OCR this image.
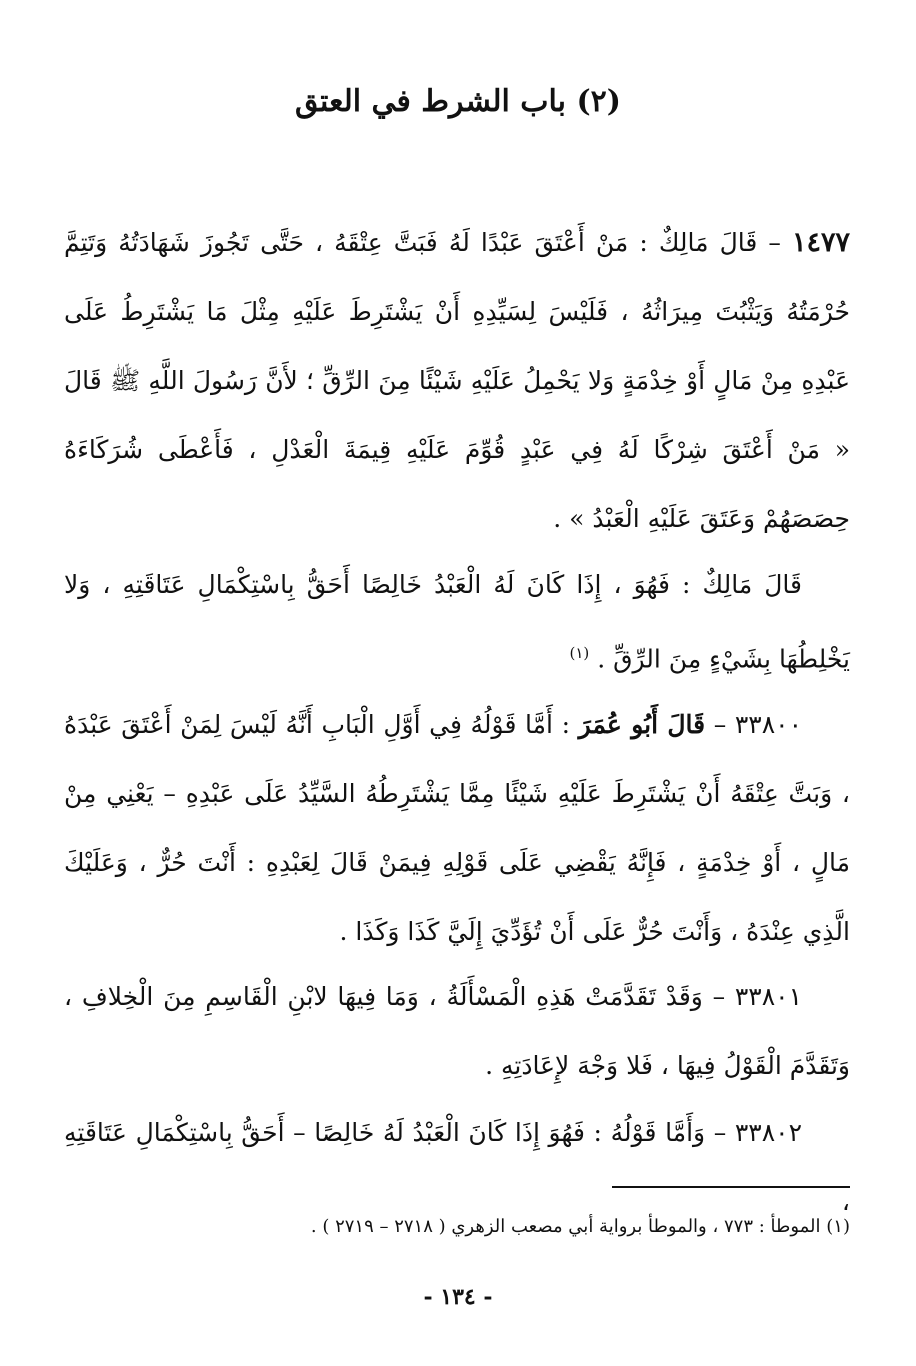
(٢) باب الشرط في العتق
١٤٧٧ – قَالَ مَالِكٌ : مَنْ أَعْتَقَ عَبْدًا لَهُ فَبَتَّ عِتْقَهُ ، حَتَّى تَجُوزَ شَهَادَتُهُ وَتَتِمَّ حُرْمَتُهُ وَيَثْبُتَ مِيرَاثُهُ ، فَلَيْسَ لِسَيِّدِهِ أَنْ يَشْتَرِطَ عَلَيْهِ مِثْلَ مَا يَشْتَرِطُ عَلَى عَبْدِهِ مِنْ مَالٍ أَوْ خِدْمَةٍ وَلا يَحْمِلُ عَلَيْهِ شَيْئًا مِنَ الرِّقِّ ؛ لأَنَّ رَسُولَ اللَّهِ ﷺ قَالَ « مَنْ أَعْتَقَ شِرْكًا لَهُ فِي عَبْدٍ قُوِّمَ عَلَيْهِ قِيمَةَ الْعَدْلِ ، فَأَعْطَى شُرَكَاءَهُ حِصَصَهُمْ وَعَتَقَ عَلَيْهِ الْعَبْدُ » .
قَالَ مَالِكٌ : فَهُوَ ، إِذَا كَانَ لَهُ الْعَبْدُ خَالِصًا أَحَقُّ بِاسْتِكْمَالِ عَتَاقَتِهِ ، وَلا يَخْلِطُهَا بِشَيْءٍ مِنَ الرِّقِّ . $^{(١)}$
٣٣٨٠٠ – قَالَ أَبُو عُمَرَ : أَمَّا قَوْلُهُ فِي أَوَّلِ الْبَابِ أَنَّهُ لَيْسَ لِمَنْ أَعْتَقَ عَبْدَهُ ، وَبَتَّ عِتْقَهُ أَنْ يَشْتَرِطَ عَلَيْهِ شَيْئًا مِمَّا يَشْتَرِطُهُ السَّيِّدُ عَلَى عَبْدِهِ – يَعْنِي مِنْ مَالٍ ، أَوْ خِدْمَةٍ ، فَإِنَّهُ يَقْضِي عَلَى قَوْلِهِ فِيمَنْ قَالَ لِعَبْدِهِ : أَنْتَ حُرٌّ ، وَعَلَيْكَ الَّذِي عِنْدَهُ ، وَأَنْتَ حُرٌّ عَلَى أَنْ تُؤَدِّيَ إِلَيَّ كَذَا وَكَذَا .
٣٣٨٠١ – وَقَدْ تَقَدَّمَتْ هَذِهِ الْمَسْأَلَةُ ، وَمَا فِيهَا لابْنِ الْقَاسِمِ مِنَ الْخِلافِ ، وَتَقَدَّمَ الْقَوْلُ فِيهَا ، فَلا وَجْهَ لإِعَادَتِهِ .
٣٣٨٠٢ – وَأَمَّا قَوْلُهُ : فَهُوَ إِذَا كَانَ الْعَبْدُ لَهُ خَالِصًا – أَحَقُّ بِاسْتِكْمَالِ عَتَاقَتِهِ ،
(١) الموطأ : ٧٧٣ ، والموطأ برواية أبي مصعب الزهري ( ٢٧١٨ – ٢٧١٩ ) .
- ١٣٤ -
